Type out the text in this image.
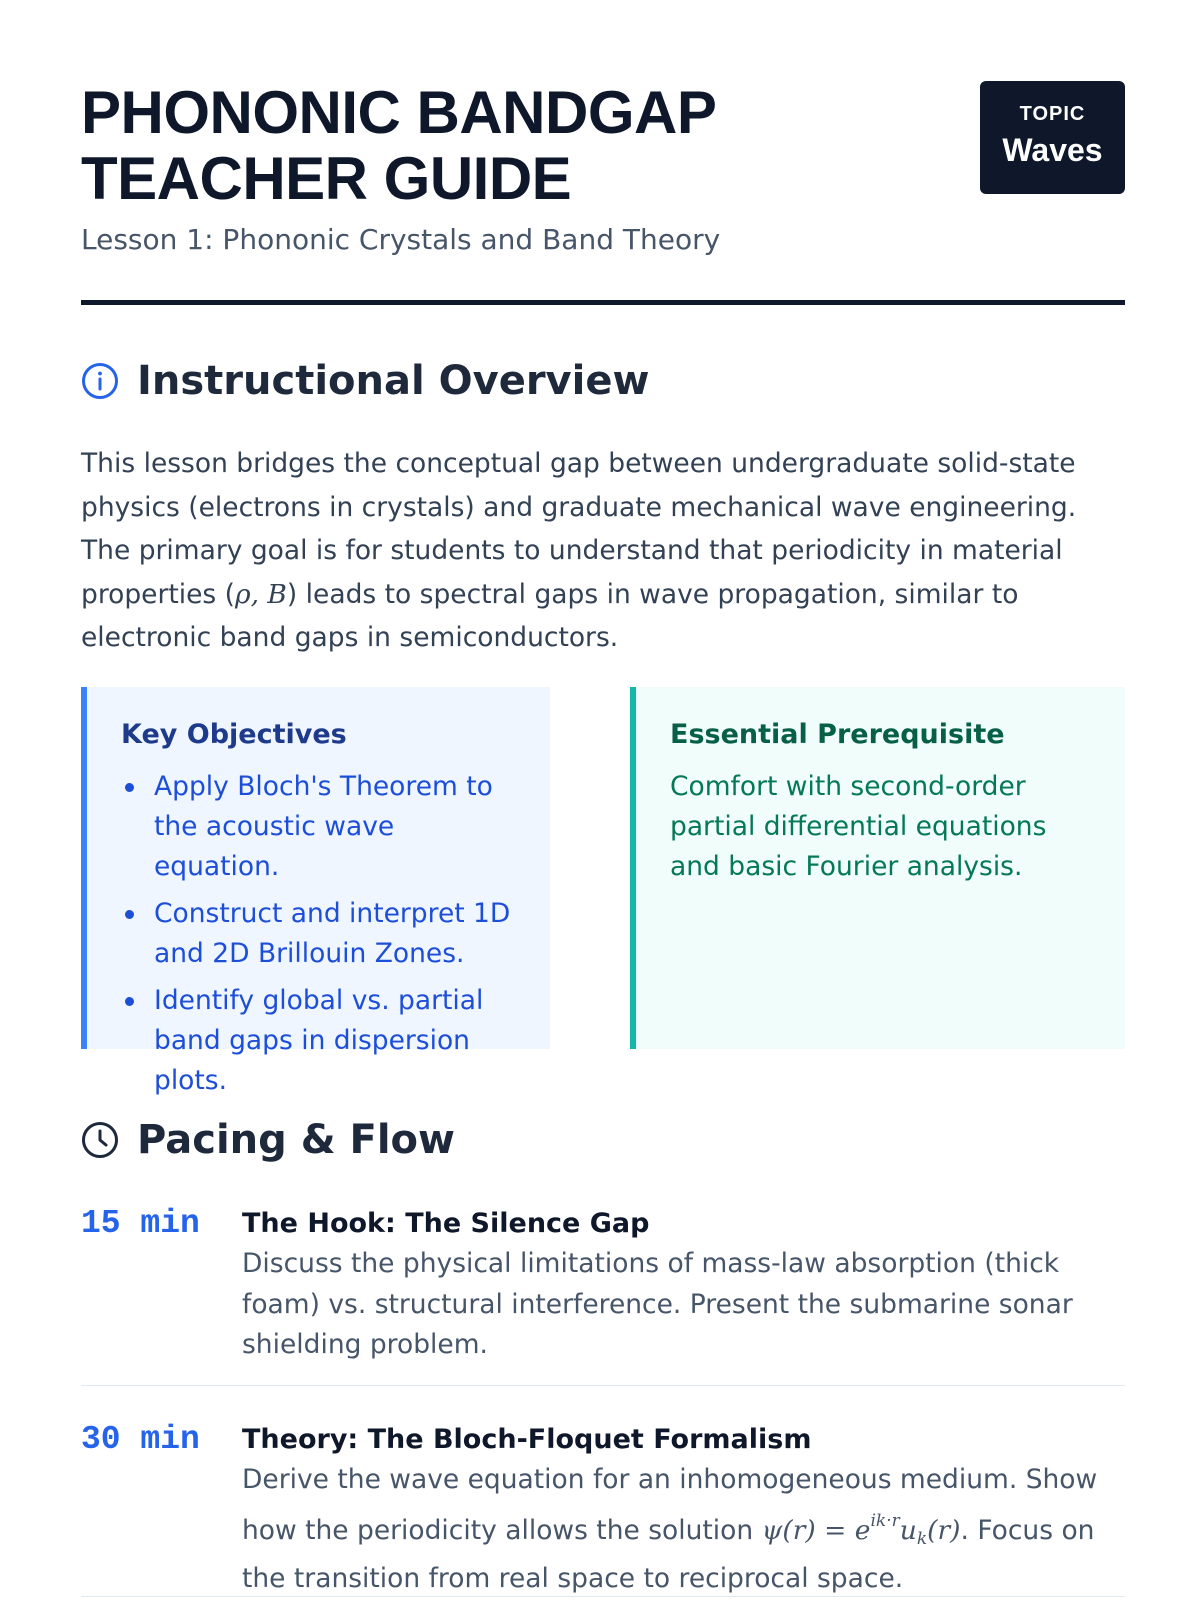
PHONONIC BANDGAP
TEACHER GUIDE
Lesson 1: Phononic Crystals and Band Theory
TOPIC
Waves
Instructional Overview

This lesson bridges the conceptual gap between undergraduate solid-state physics (electrons in crystals) and graduate mechanical wave engineering. The primary goal is for students to understand that periodicity in material properties (ρ, B) leads to spectral gaps in wave propagation, similar to electronic band gaps in semiconductors.

Key Objectives
Apply Bloch's Theorem to the acoustic wave equation.
Construct and interpret 1D and 2D Brillouin Zones.
Identify global vs. partial band gaps in dispersion plots.
Essential Prerequisite

Comfort with second-order partial differential equations and basic Fourier analysis.

Pacing & Flow
15 min The Hook: The Silence Gap

Discuss the physical limitations of mass-law absorption (thick foam) vs. structural interference. Present the submarine sonar shielding problem.

30 min Theory: The Bloch-Floquet Formalism

Derive the wave equation for an inhomogeneous medium. Show how the periodicity allows the solution $\psi(r) = e^{ik\cdot r}u_k(r)$. Focus on the transition from real space to reciprocal space.
